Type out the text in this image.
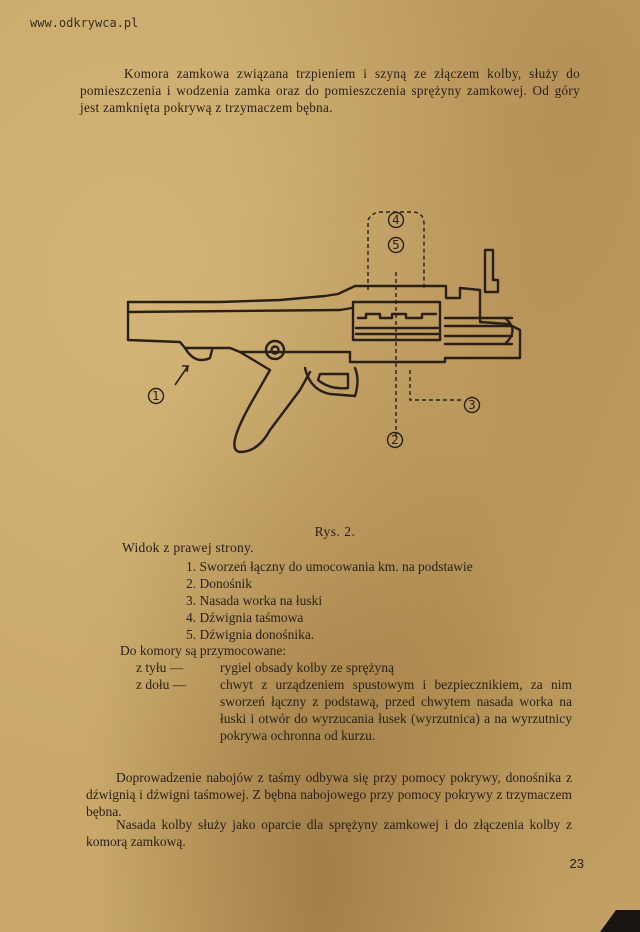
www.odkrywca.pl

Komora zamkowa związana trzpieniem i szyną ze złączem kolby, służy do pomieszczenia i wodzenia zamka oraz do pomieszczenia sprężyny zamkowej. Od góry jest zamknięta pokrywą z trzymaczem bębna.

1
2
3
4
5
Rys. 2.
Widok z prawej strony.
1. Sworzeń łączny do umocowania km. na podstawie
2. Donośnik
3. Nasada worka na łuski
4. Dźwignia taśmowa
5. Dźwignia donośnika.
Do komory są przymocowane:
z tyłu —	rygiel obsady kolby ze sprężyną
z dołu —	chwyt z urządzeniem spustowym i bezpiecznikiem, za nim sworzeń łączny z podstawą, przed chwytem nasada worka na łuski i otwór do wyrzucania łusek (wyrzutnica) a na wyrzutnicy pokrywa ochronna od kurzu.

Doprowadzenie nabojów z taśmy odbywa się przy pomocy pokrywy, donośnika z dźwignią i dźwigni taśmowej. Z bębna nabojowego przy pomocy pokrywy z trzymaczem bębna.

Nasada kolby służy jako oparcie dla sprężyny zamkowej i do złączenia kolby z komorą zamkową.

23
